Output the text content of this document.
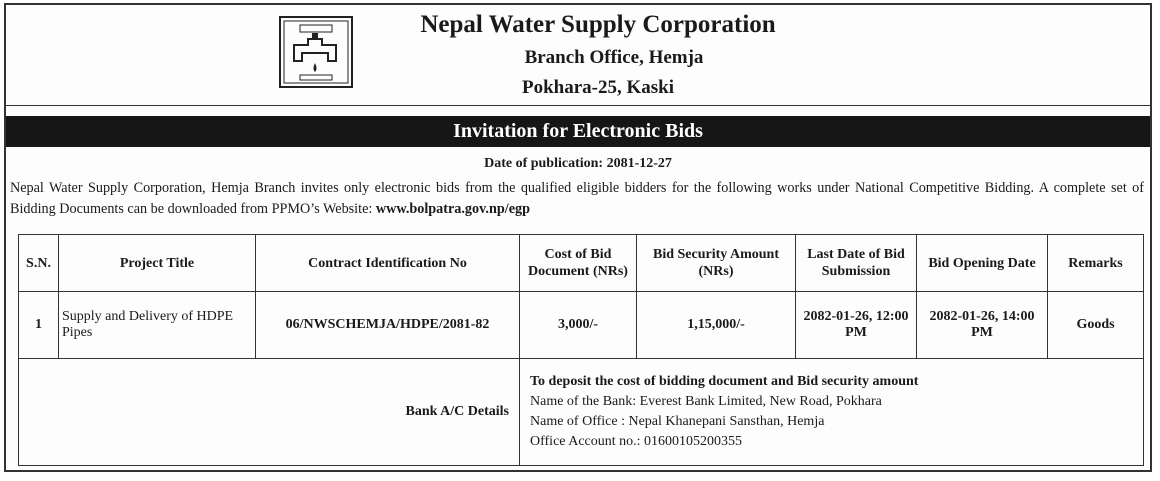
Nepal Water Supply Corporation
Branch Office, Hemja
Pokhara-25, Kaski
Invitation for Electronic Bids
Date of publication: 2081-12-27
Nepal Water Supply Corporation, Hemja Branch invites only electronic bids from the qualified eligible bidders for the following works under National Competitive Bidding. A complete set of Bidding Documents can be downloaded from PPMO’s Website: www.bolpatra.gov.np/egp
S.N.	Project Title	Contract Identification No	Cost of Bid Document (NRs)	Bid Security Amount (NRs)	Last Date of Bid Submission	Bid Opening Date	Remarks
1	Supply and Delivery of HDPE Pipes	06/NWSCHEMJA/HDPE/2081-82	3,000/-	1,15,000/-	2082-01-26, 12:00 PM	2082-01-26, 14:00 PM	Goods
Bank A/C Details			To deposit the cost of bidding document and Bid security amount
Name of the Bank: Everest Bank Limited, New Road, Pokhara
Name of Office : Nepal Khanepani Sansthan, Hemja
Office Account no.: 01600105200355				
